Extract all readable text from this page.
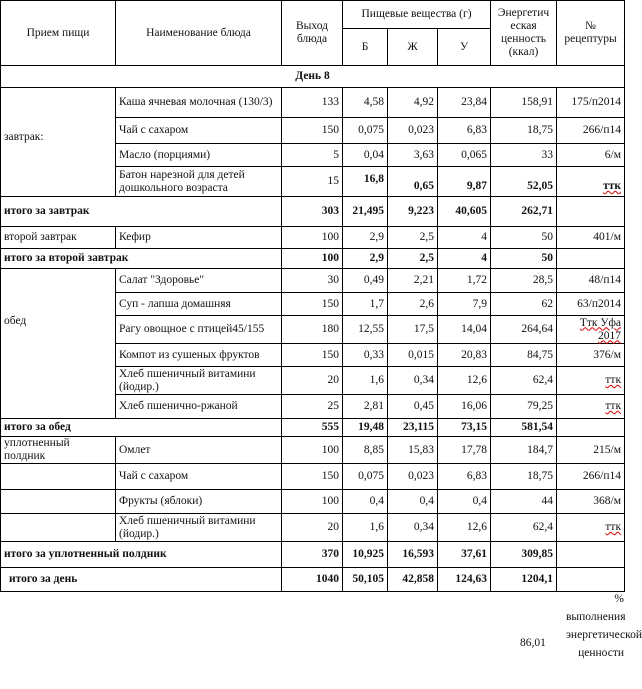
Прием пищи	Наименование блюда	Выход блюда	Пищевые вещества (г)			Энергетич еская ценность (ккал)	№ рецептуры
			Б	Ж	У		
День 8							
завтрак:	Каша ячневая молочная (130/3)	133	4,58	4,92	23,84	158,91	175/п2014
	Чай с сахаром	150	0,075	0,023	6,83	18,75	266/п14
	Масло (порциями)	5	0,04	3,63	0,065	33	6/м
	Батон нарезной для детей дошкольного возраста	15	16,8	0,65	9,87	52,05	ттк
итого за завтрак		303	21,495	9,223	40,605	262,71	
второй завтрак	Кефир	100	2,9	2,5	4	50	401/м
итого за второй завтрак		100	2,9	2,5	4	50	
обед	Салат "Здоровье"	30	0,49	2,21	1,72	28,5	48/п14
	Суп - лапша домашняя	150	1,7	2,6	7,9	62	63/п2014
	Рагу овощное с птицей45/155	180	12,55	17,5	14,04	264,64	Ттк Уфа 2017
	Компот из сушеных фруктов	150	0,33	0,015	20,83	84,75	376/м
	Хлеб пшеничный витамини (йодир.)	20	1,6	0,34	12,6	62,4	ттк
	Хлеб пшенично-ржаной	25	2,81	0,45	16,06	79,25	ттк
итого за обед		555	19,48	23,115	73,15	581,54	
уплотненный полдник	Омлет	100	8,85	15,83	17,78	184,7	215/м
	Чай с сахаром	150	0,075	0,023	6,83	18,75	266/п14
	Фрукты (яблоки)	100	0,4	0,4	0,4	44	368/м
	Хлеб пшеничный витамини (йодир.)	20	1,6	0,34	12,6	62,4	ттк
итого за уплотненный полдник		370	10,925	16,593	37,61	309,85	
итого за день		1040	50,105	42,858	124,63	1204,1	
86,01
% выполнения энергетической ценности
